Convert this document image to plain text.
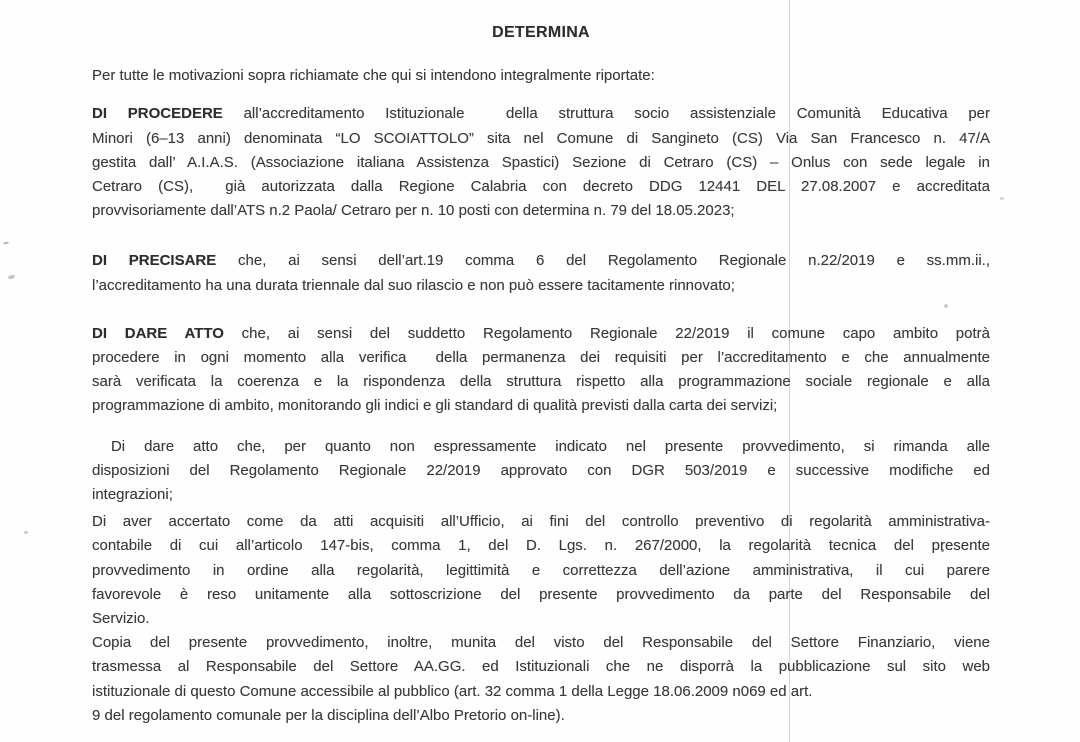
DETERMINA
Per tutte le motivazioni sopra richiamate che qui si intendono integralmente riportate:
DI PROCEDERE all’accreditamento Istituzionale  della struttura socio assistenziale Comunità Educativa per
Minori (6–13 anni) denominata “LO SCOIATTOLO” sita nel Comune di Sangineto (CS) Via San Francesco n. 47/A
gestita dall’ A.I.A.S. (Associazione italiana Assistenza Spastici) Sezione di Cetraro (CS) – Onlus con sede legale in
Cetraro (CS),  già autorizzata dalla Regione Calabria con decreto DDG 12441 DEL 27.08.2007 e accreditata
provvisoriamente dall’ATS n.2 Paola/ Cetraro per n. 10 posti con determina n. 79 del 18.05.2023;
DI PRECISARE che, ai sensi dell’art.19 comma 6 del Regolamento Regionale n.22/2019 e ss.mm.ii.,
l’accreditamento ha una durata triennale dal suo rilascio e non può essere tacitamente rinnovato;
DI DARE ATTO che, ai sensi del suddetto Regolamento Regionale 22/2019 il comune capo ambito potrà
procedere in ogni momento alla verifica  della permanenza dei requisiti per l’accreditamento e che annualmente
sarà verificata la coerenza e la rispondenza della struttura rispetto alla programmazione sociale regionale e alla
programmazione di ambito, monitorando gli indici e gli standard di qualità previsti dalla carta dei servizi;
Di dare atto che, per quanto non espressamente indicato nel presente provvedimento, si rimanda alle
disposizioni del Regolamento Regionale 22/2019 approvato con DGR 503/2019 e successive modifiche ed
integrazioni;
Di aver accertato come da atti acquisiti all’Ufficio, ai fini del controllo preventivo di regolarità amministrativa-
contabile di cui all’articolo 147-bis, comma 1, del D. Lgs. n. 267/2000, la regolarità tecnica del presente
provvedimento in ordine alla regolarità, legittimità e correttezza dell’azione amministrativa, il cui parere
favorevole è reso unitamente alla sottoscrizione del presente provvedimento da parte del Responsabile del
Servizio.
Copia del presente provvedimento, inoltre, munita del visto del Responsabile del Settore Finanziario, viene
trasmessa al Responsabile del Settore AA.GG. ed Istituzionali che ne disporrà la pubblicazione sul sito web
istituzionale di questo Comune accessibile al pubblico (art. 32 comma 1 della Legge 18.06.2009 n069 ed art.
9 del regolamento comunale per la disciplina dell’Albo Pretorio on-line).
